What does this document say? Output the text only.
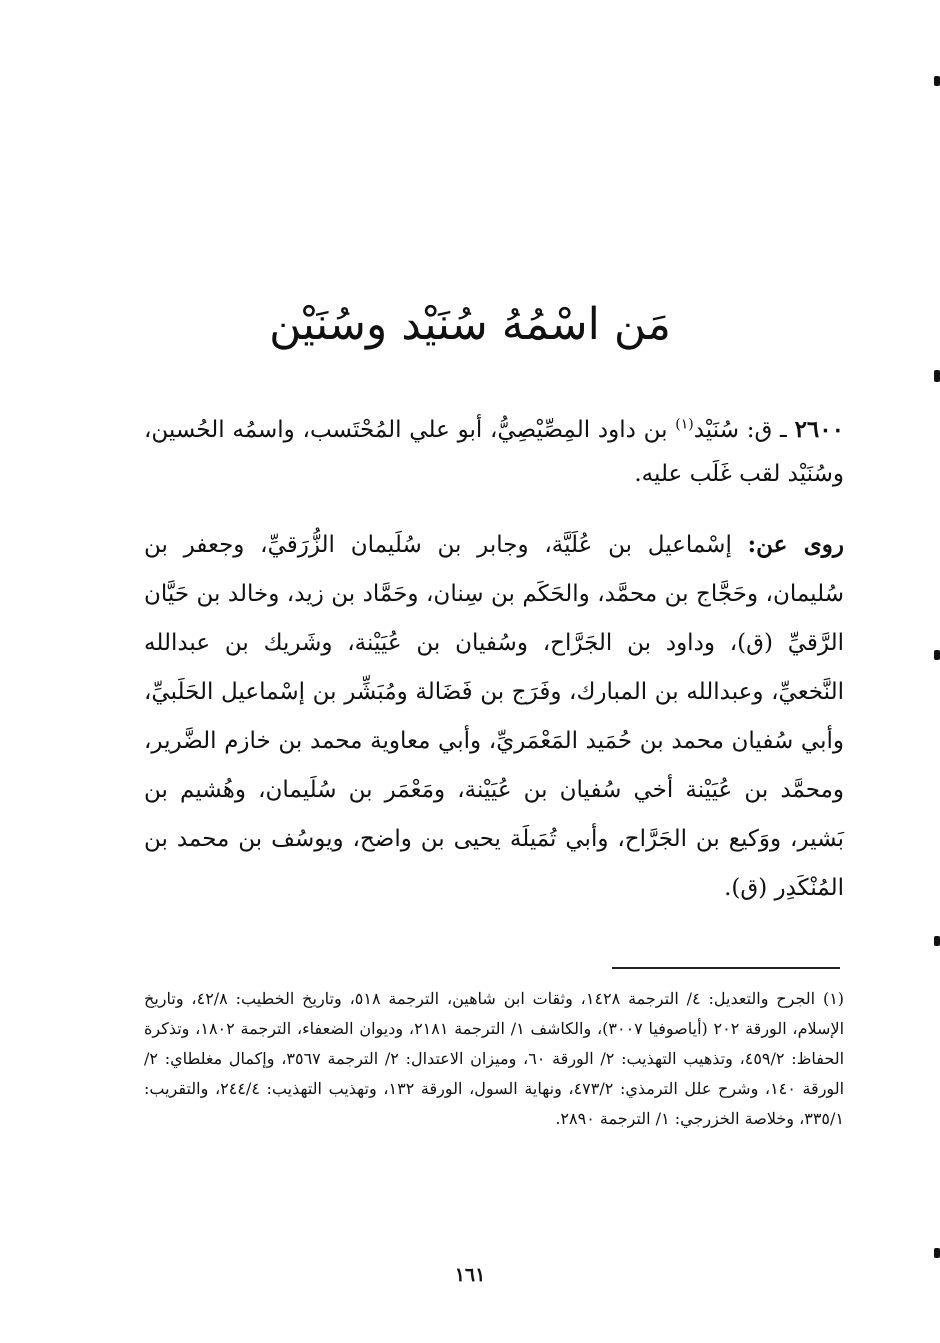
مَن اسْمُهُ سُنَيْد وسُنَيْن
٢٦٠٠ ـ ق: سُنَيْد$^{(١)}$ بن داود المِصِّيْصِيُّ، أبو علي المُحْتَسب، واسمُه الحُسين، وسُنَيْد لقب غَلَب عليه.
روى عن: إسْماعيل بن عُلَيَّة، وجابر بن سُلَيمان الزُّرَقيِّ، وجعفر بن سُليمان، وحَجَّاج بن محمَّد، والحَكَم بن سِنان، وحَمَّاد بن زيد، وخالد بن حَيَّان الرَّقيِّ (ق)، وداود بن الجَرَّاح، وسُفيان بن عُيَيْنة، وشَريك بن عبدالله النَّخعيِّ، وعبدالله بن المبارك، وفَرَج بن فَضَالة ومُبَشِّر بن إسْماعيل الحَلَبيِّ، وأبي سُفيان محمد بن حُمَيد المَعْمَريِّ، وأبي معاوية محمد بن خازم الضَّرير، ومحمَّد بن عُيَيْنة أخي سُفيان بن عُيَيْنة، ومَعْمَر بن سُلَيمان، وهُشيم بن بَشير، ووَكيع بن الجَرَّاح، وأبي تُمَيلَة يحيى بن واضح، ويوسُف بن محمد بن المُنْكَدِر (ق).
(١) الجرح والتعديل: ٤/ الترجمة ١٤٢٨، وثقات ابن شاهين، الترجمة ٥١٨، وتاريخ الخطيب: ٤٢/٨، وتاريخ الإسلام، الورقة ٢٠٢ (أياصوفيا ٣٠٠٧)، والكاشف ١/ الترجمة ٢١٨١، وديوان الضعفاء، الترجمة ١٨٠٢، وتذكرة الحفاظ: ٤٥٩/٢، وتذهيب التهذيب: ٢/ الورقة ٦٠، وميزان الاعتدال: ٢/ الترجمة ٣٥٦٧، وإكمال مغلطاي: ٢/ الورقة ١٤٠، وشرح علل الترمذي: ٤٧٣/٢، ونهاية السول، الورقة ١٣٢، وتهذيب التهذيب: ٢٤٤/٤، والتقريب: ٣٣٥/١، وخلاصة الخزرجي: ١/ الترجمة ٢٨٩٠.
١٦١
